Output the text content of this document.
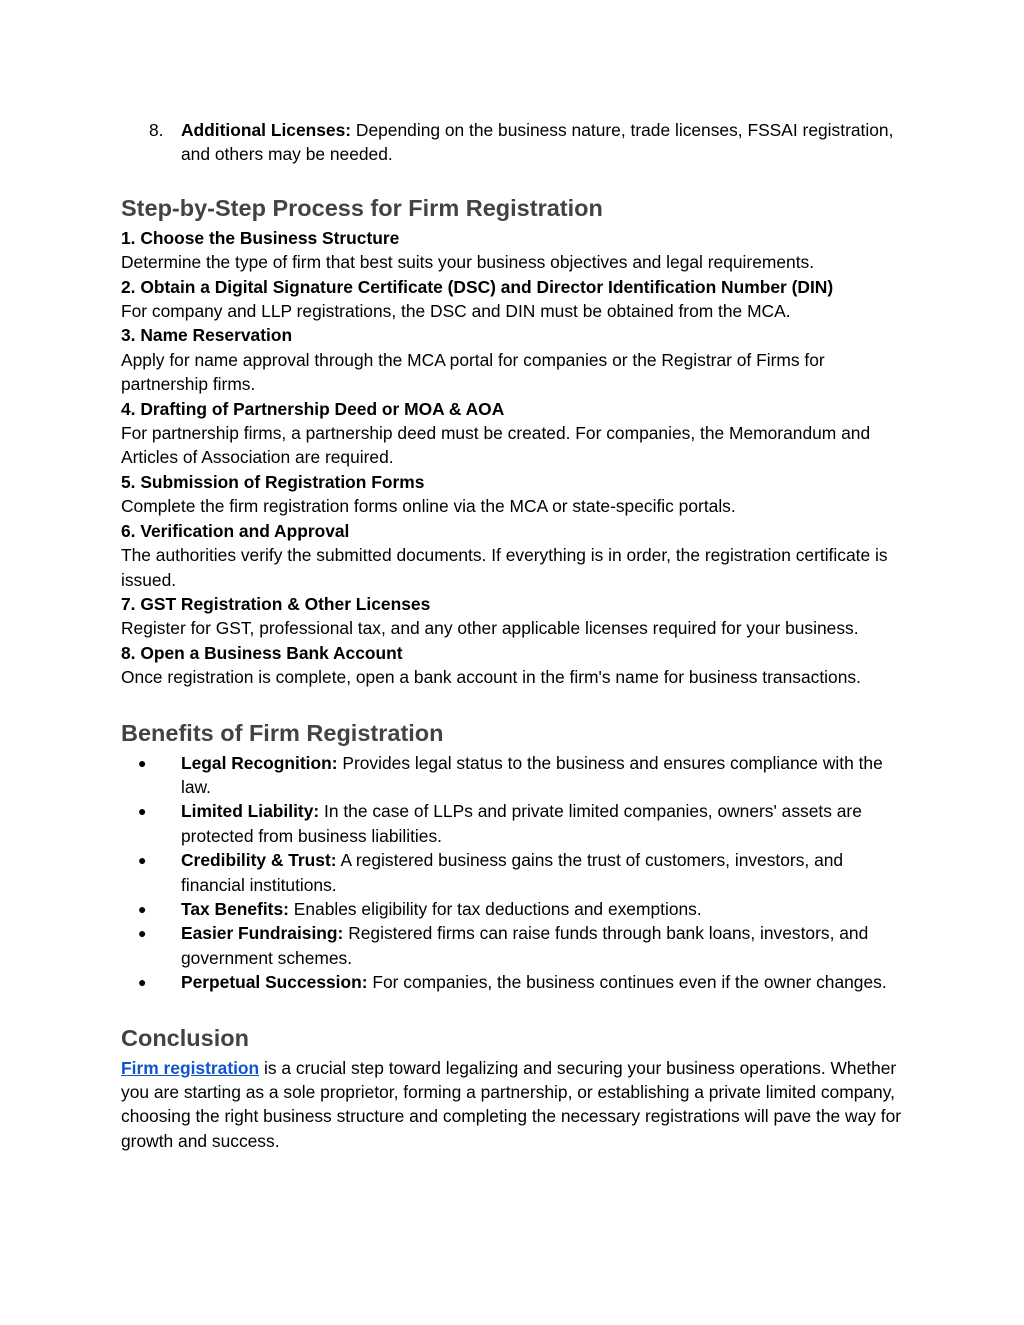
8. Additional Licenses: Depending on the business nature, trade licenses, FSSAI registration, and others may be needed.
Step-by-Step Process for Firm Registration

1. Choose the Business Structure

Determine the type of firm that best suits your business objectives and legal requirements.

2. Obtain a Digital Signature Certificate (DSC) and Director Identification Number (DIN)

For company and LLP registrations, the DSC and DIN must be obtained from the MCA.

3. Name Reservation

Apply for name approval through the MCA portal for companies or the Registrar of Firms for partnership firms.

4. Drafting of Partnership Deed or MOA & AOA

For partnership firms, a partnership deed must be created. For companies, the Memorandum and Articles of Association are required.

5. Submission of Registration Forms

Complete the firm registration forms online via the MCA or state-specific portals.

6. Verification and Approval

The authorities verify the submitted documents. If everything is in order, the registration certificate is issued.

7. GST Registration & Other Licenses

Register for GST, professional tax, and any other applicable licenses required for your business.

8. Open a Business Bank Account

Once registration is complete, open a bank account in the firm's name for business transactions.

Benefits of Firm Registration
● Legal Recognition: Provides legal status to the business and ensures compliance with the law.
● Limited Liability: In the case of LLPs and private limited companies, owners' assets are protected from business liabilities.
● Credibility & Trust: A registered business gains the trust of customers, investors, and financial institutions.
● Tax Benefits: Enables eligibility for tax deductions and exemptions.
● Easier Fundraising: Registered firms can raise funds through bank loans, investors, and government schemes.
● Perpetual Succession: For companies, the business continues even if the owner changes.
Conclusion

Firm registration is a crucial step toward legalizing and securing your business operations. Whether you are starting as a sole proprietor, forming a partnership, or establishing a private limited company, choosing the right business structure and completing the necessary registrations will pave the way for growth and success.
